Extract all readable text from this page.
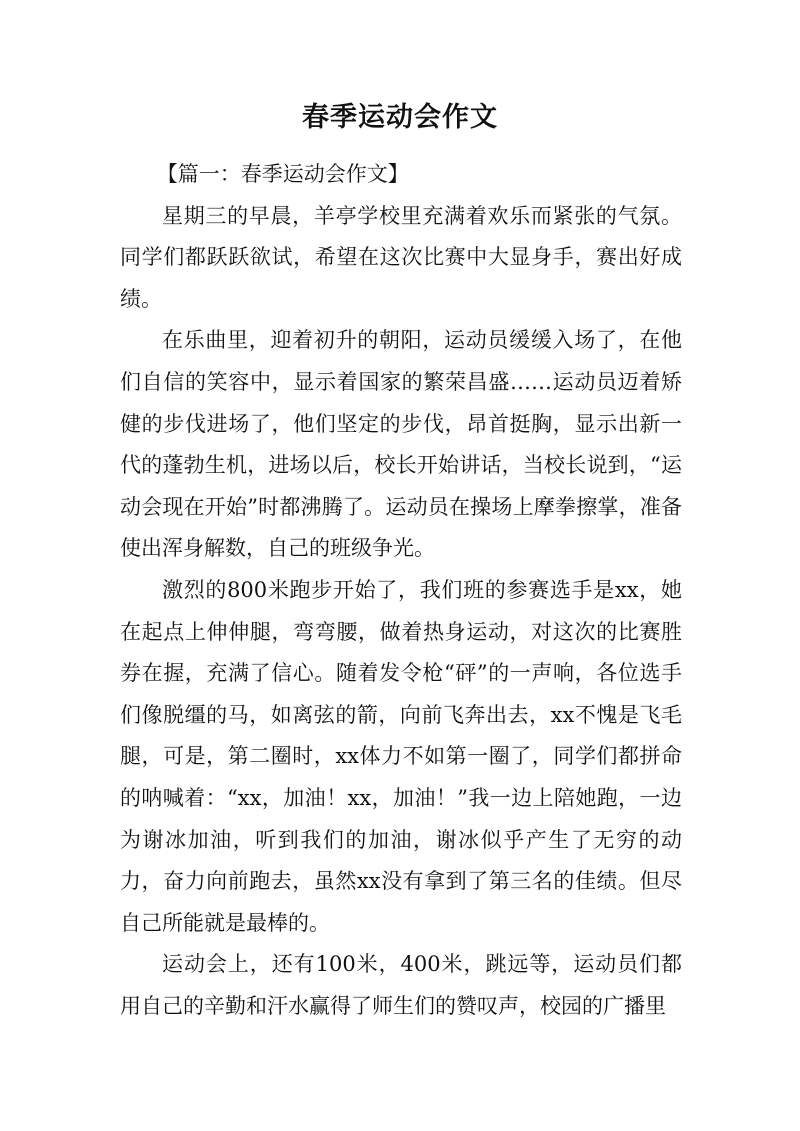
春季运动会作文

【篇一：春季运动会作文】

星期三的早晨，羊亭学校里充满着欢乐而紧张的气氛。同学们都跃跃欲试，希望在这次比赛中大显身手，赛出好成绩。

在乐曲里，迎着初升的朝阳，运动员缓缓入场了，在他们自信的笑容中，显示着国家的繁荣昌盛……运动员迈着矫健的步伐进场了，他们坚定的步伐，昂首挺胸，显示出新一代的蓬勃生机，进场以后，校长开始讲话，当校长说到，“运动会现在开始”时都沸腾了。运动员在操场上摩拳擦掌，准备使出浑身解数，自己的班级争光。

激烈的800米跑步开始了，我们班的参赛选手是xx，她在起点上伸伸腿，弯弯腰，做着热身运动，对这次的比赛胜券在握，充满了信心。随着发令枪“砰”的一声响，各位选手们像脱缰的马，如离弦的箭，向前飞奔出去，xx不愧是飞毛腿，可是，第二圈时，xx体力不如第一圈了，同学们都拼命的呐喊着：“xx，加油！xx，加油！”我一边上陪她跑，一边为谢冰加油，听到我们的加油，谢冰似乎产生了无穷的动力，奋力向前跑去，虽然xx没有拿到了第三名的佳绩。但尽自己所能就是最棒的。

运动会上，还有100米，400米，跳远等，运动员们都用自己的辛勤和汗水赢得了师生们的赞叹声，校园的广播里
